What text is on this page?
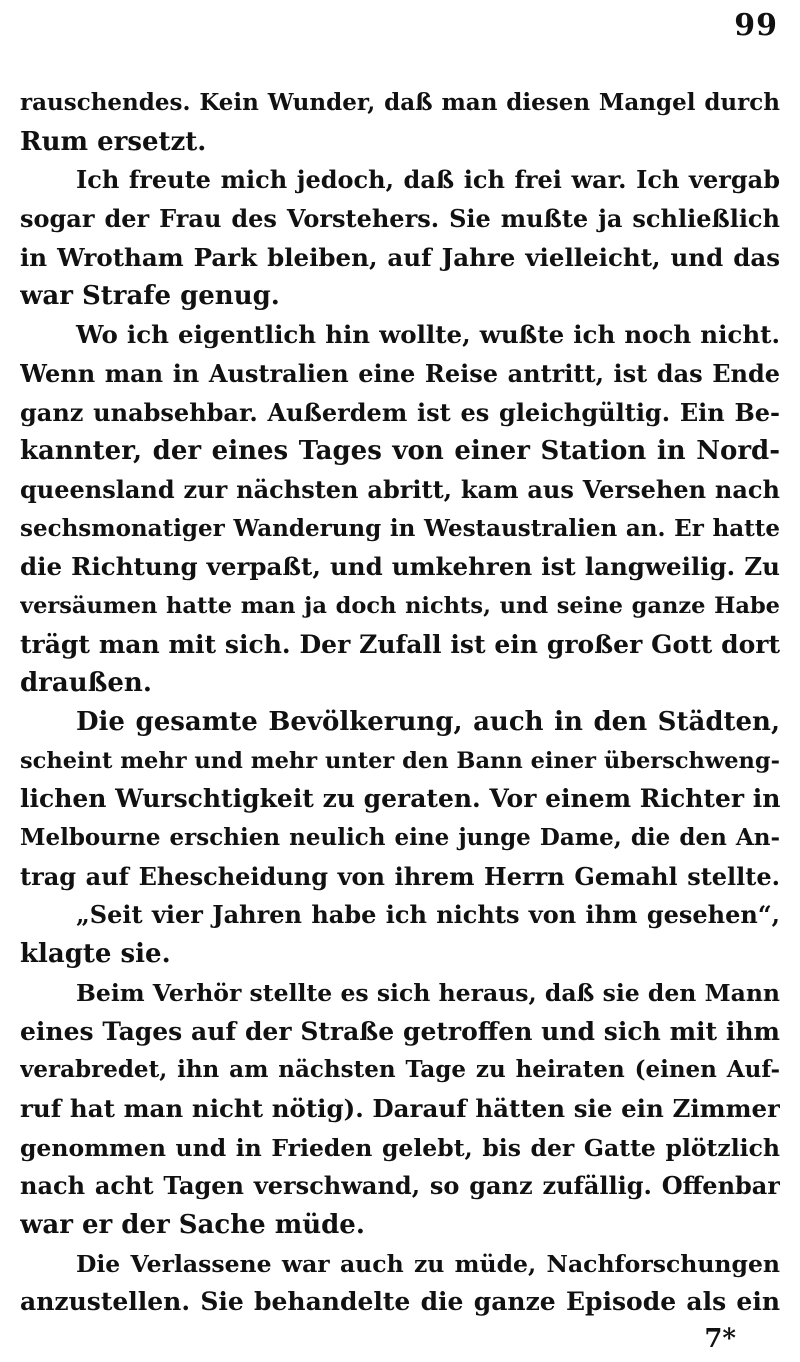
99
rauschendes. Kein Wunder, daß man diesen Mangel durch
Rum ersetzt.
Ich freute mich jedoch, daß ich frei war. Ich vergab
sogar der Frau des Vorstehers. Sie mußte ja schließlich
in Wrotham Park bleiben, auf Jahre vielleicht, und das
war Strafe genug.
Wo ich eigentlich hin wollte, wußte ich noch nicht.
Wenn man in Australien eine Reise antritt, ist das Ende
ganz unabsehbar. Außerdem ist es gleichgültig. Ein Be-
kannter, der eines Tages von einer Station in Nord-
queensland zur nächsten abritt, kam aus Versehen nach
sechsmonatiger Wanderung in Westaustralien an. Er hatte
die Richtung verpaßt, und umkehren ist langweilig. Zu
versäumen hatte man ja doch nichts, und seine ganze Habe
trägt man mit sich. Der Zufall ist ein großer Gott dort
draußen.
Die gesamte Bevölkerung, auch in den Städten,
scheint mehr und mehr unter den Bann einer überschweng-
lichen Wurschtigkeit zu geraten. Vor einem Richter in
Melbourne erschien neulich eine junge Dame, die den An-
trag auf Ehescheidung von ihrem Herrn Gemahl stellte.
„Seit vier Jahren habe ich nichts von ihm gesehen“,
klagte sie.
Beim Verhör stellte es sich heraus, daß sie den Mann
eines Tages auf der Straße getroffen und sich mit ihm
verabredet, ihn am nächsten Tage zu heiraten (einen Auf-
ruf hat man nicht nötig). Darauf hätten sie ein Zimmer
genommen und in Frieden gelebt, bis der Gatte plötzlich
nach acht Tagen verschwand, so ganz zufällig. Offenbar
war er der Sache müde.
Die Verlassene war auch zu müde, Nachforschungen
anzustellen. Sie behandelte die ganze Episode als ein
7*
